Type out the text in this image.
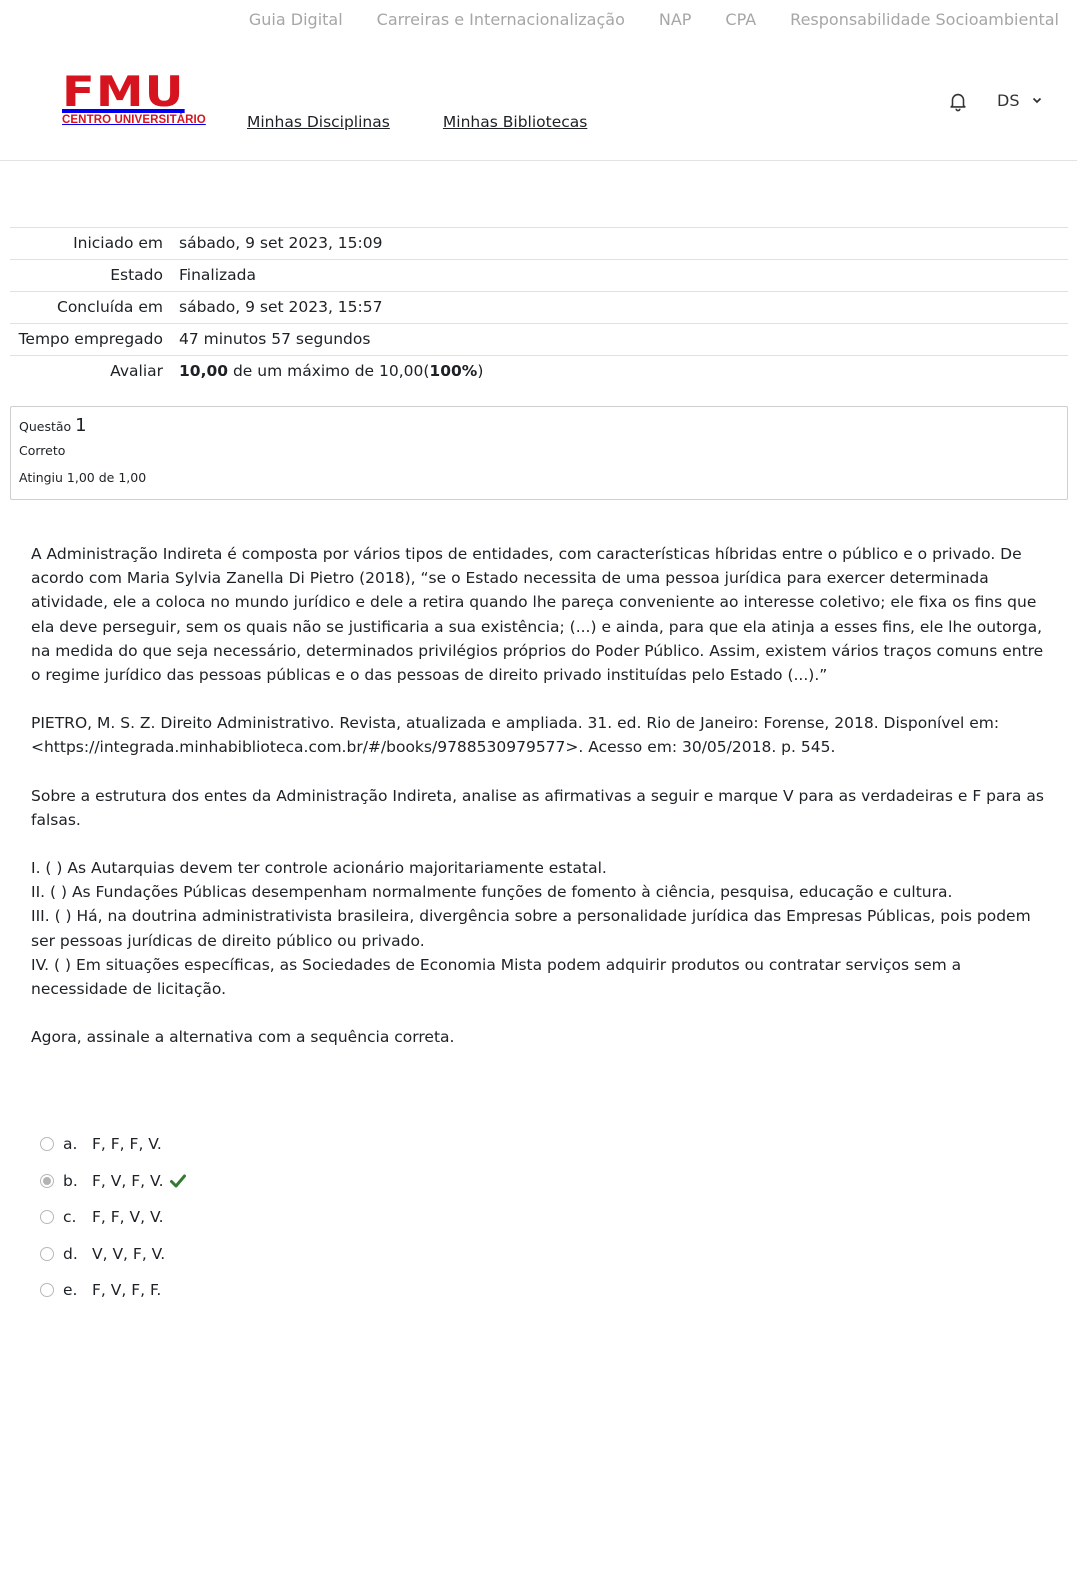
Guia Digital Carreiras e Internacionalização NAP CPA Responsabilidade Socioambiental
FMU
CENTRO UNIVERSITÁRIO	Minhas Disciplinas	Minhas Bibliotecas
DS
Iniciado em	sábado, 9 set 2023, 15:09
Estado	Finalizada
Concluída em	sábado, 9 set 2023, 15:57
Tempo empregado	47 minutos 57 segundos
Avaliar	10,00 de um máximo de 10,00(100%)
Questão 1
Correto
Atingiu 1,00 de 1,00

A Administração Indireta é composta por vários tipos de entidades, com características híbridas entre o público e o privado. De acordo com Maria Sylvia Zanella Di Pietro (2018), “se o Estado necessita de uma pessoa jurídica para exercer determinada atividade, ele a coloca no mundo jurídico e dele a retira quando lhe pareça conveniente ao interesse coletivo; ele fixa os fins que ela deve perseguir, sem os quais não se justificaria a sua existência; (...) e ainda, para que ela atinja a esses fins, ele lhe outorga, na medida do que seja necessário, determinados privilégios próprios do Poder Público. Assim, existem vários traços comuns entre o regime jurídico das pessoas públicas e o das pessoas de direito privado instituídas pelo Estado (...).”

PIETRO, M. S. Z. Direito Administrativo. Revista, atualizada e ampliada. 31. ed. Rio de Janeiro: Forense, 2018. Disponível em: <https://integrada.minhabiblioteca.com.br/#/books/9788530979577>. Acesso em: 30/05/2018. p. 545.

Sobre a estrutura dos entes da Administração Indireta, analise as afirmativas a seguir e marque V para as verdadeiras e F para as falsas.

I. ( ) As Autarquias devem ter controle acionário majoritariamente estatal.

II. ( ) As Fundações Públicas desempenham normalmente funções de fomento à ciência, pesquisa, educação e cultura.

III. ( ) Há, na doutrina administrativista brasileira, divergência sobre a personalidade jurídica das Empresas Públicas, pois podem ser pessoas jurídicas de direito público ou privado.

IV. ( ) Em situações específicas, as Sociedades de Economia Mista podem adquirir produtos ou contratar serviços sem a necessidade de licitação.

Agora, assinale a alternativa com a sequência correta.

a. F, F, F, V.
b. F, V, F, V.
c.	F, F, V, V.
d. V, V, F, V.
e. F, V, F, F.
